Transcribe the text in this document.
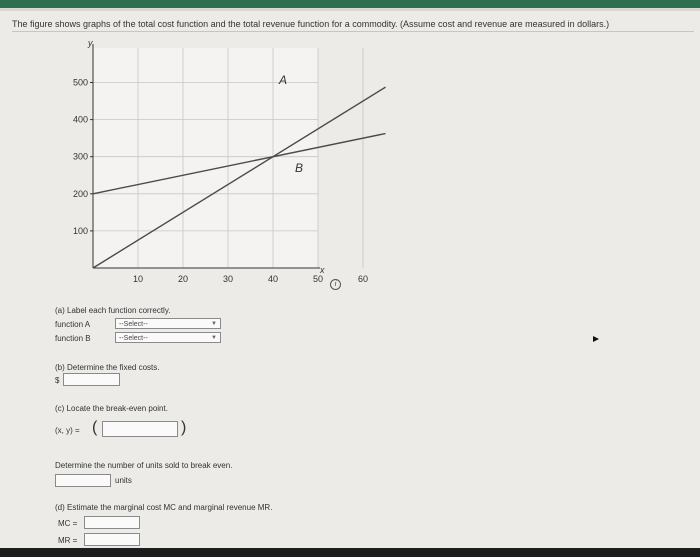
The figure shows graphs of the total cost function and the total revenue function for a commodity. (Assume cost and revenue are measured in dollars.)
10	20	30	40	50	60
100
200
300
400
500
x
y
A
B
i
(a) Label each function correctly.
function A	--Select--	▼
function B	--Select--	▼
(b) Determine the fixed costs.
$
(c) Locate the break-even point.
(x, y) = (	)
Determine the number of units sold to break even.
units
(d) Estimate the marginal cost MC and marginal revenue MR.
MC =
MR =
